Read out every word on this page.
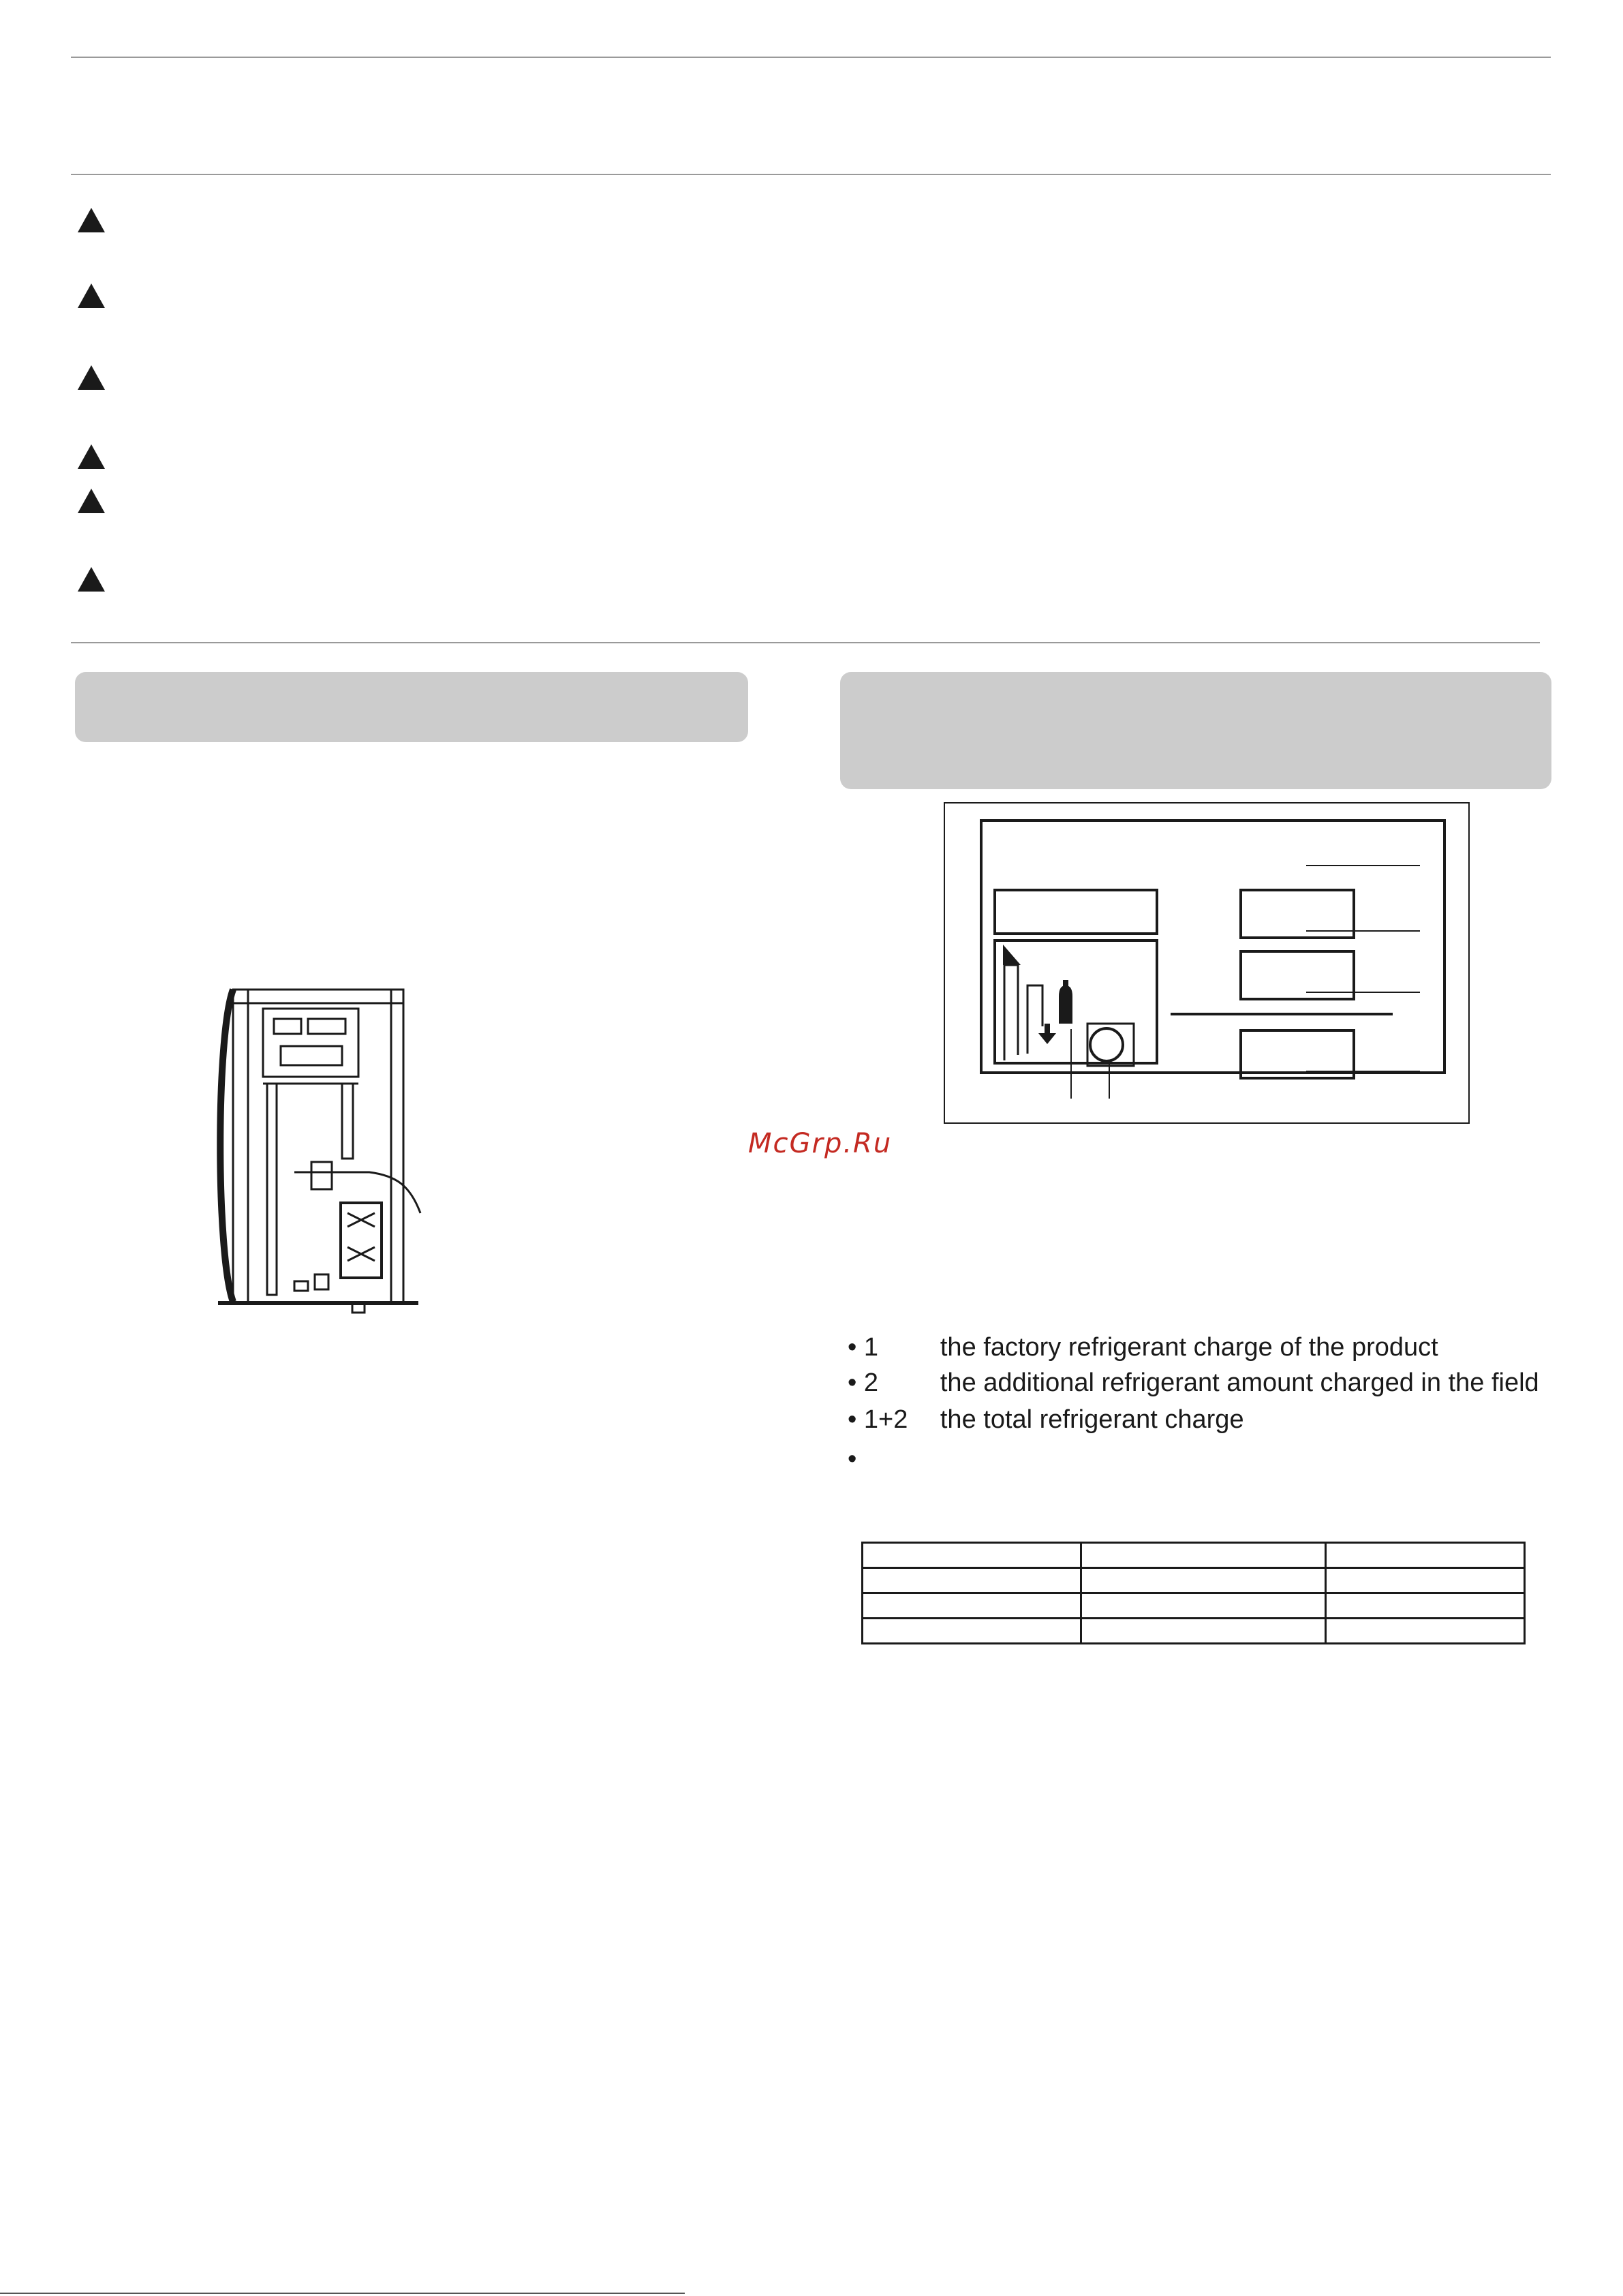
McGrp.Ru
• 1 the factory refrigerant charge of the product
• 2 the additional refrigerant amount charged in the field
• 1+2 the total refrigerant charge
•
